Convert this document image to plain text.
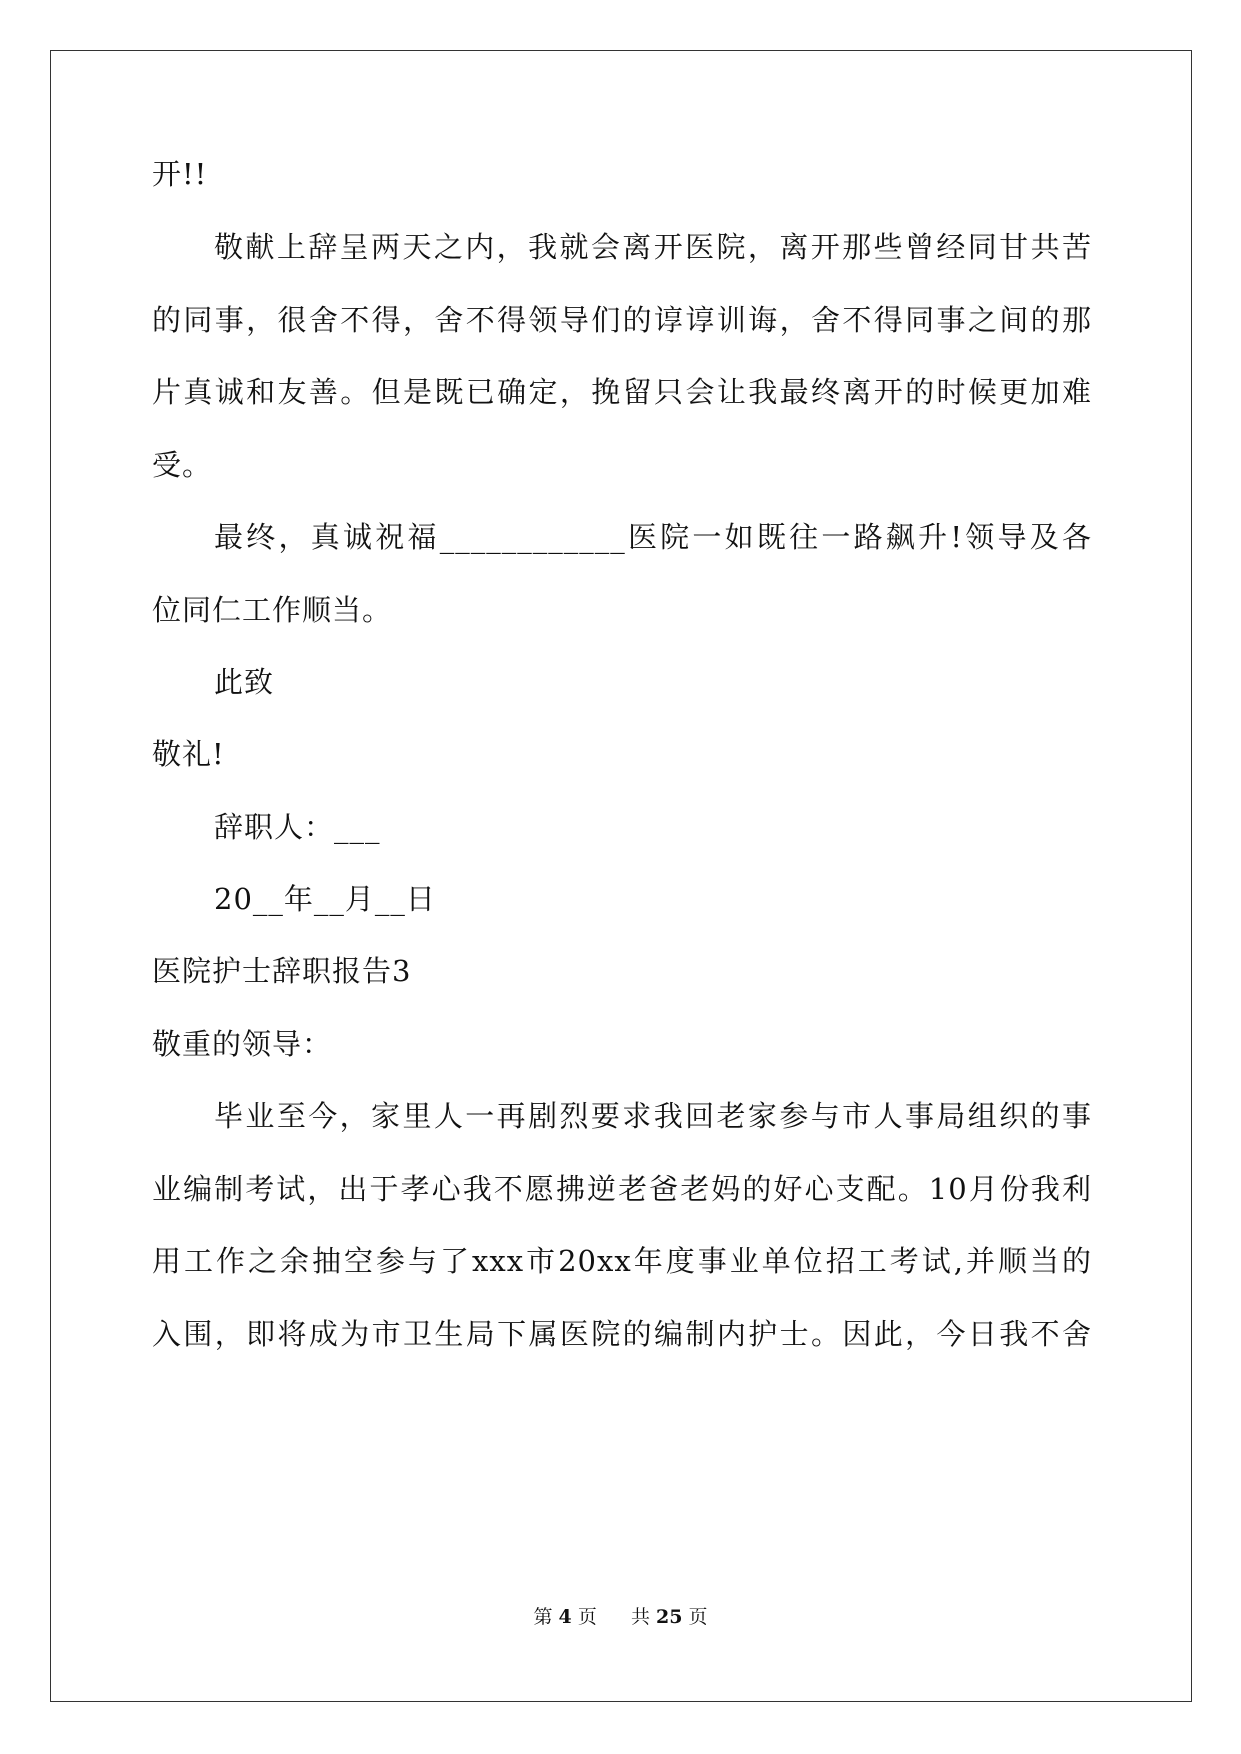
开!!
敬献上辞呈两天之内，我就会离开医院，离开那些曾经同甘共苦
的同事，很舍不得，舍不得领导们的谆谆训诲，舍不得同事之间的那
片真诚和友善。但是既已确定，挽留只会让我最终离开的时候更加难
受。
最终，真诚祝福____________医院一如既往一路飙升!领导及各
位同仁工作顺当。
此致
敬礼!
辞职人：___
20__年__月__日
医院护士辞职报告3
敬重的领导：
毕业至今，家里人一再剧烈要求我回老家参与市人事局组织的事
业编制考试，出于孝心我不愿拂逆老爸老妈的好心支配。10月份我利
用工作之余抽空参与了xxx市20xx年度事业单位招工考试,并顺当的
入围，即将成为市卫生局下属医院的编制内护士。因此，今日我不舍
第 4 页 共 25 页
